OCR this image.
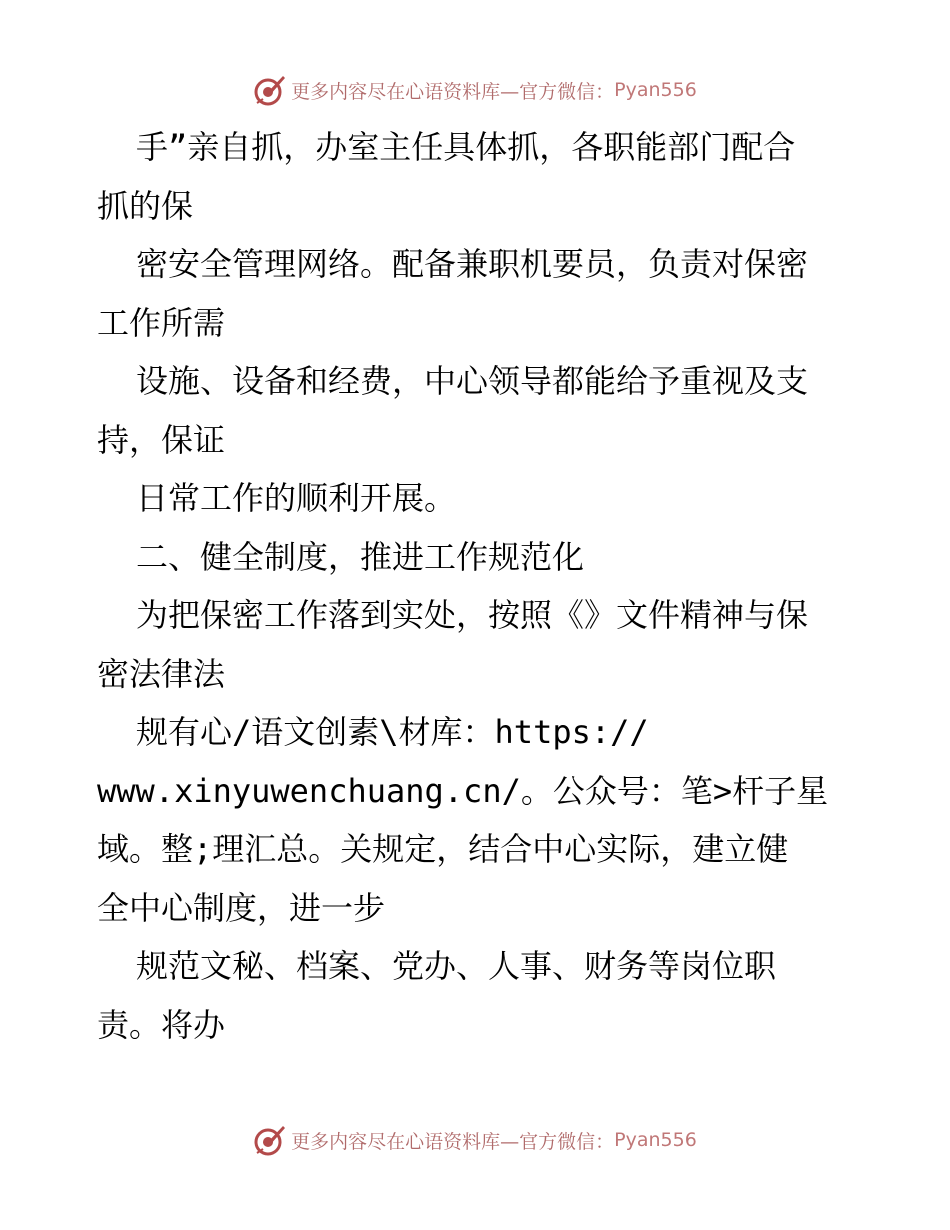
更多内容尽在心语资料库—官方微信： Pyan556
手”亲自抓，办室主任具体抓，各职能部门配合
抓的保
密安全管理网络。配备兼职机要员，负责对保密
工作所需
设施、设备和经费，中心领导都能给予重视及支
持，保证
日常工作的顺利开展。
二、健全制度，推进工作规范化
为把保密工作落到实处，按照《》文件精神与保
密法律法
规有心/语文创素\材库：https://
www.xinyuwenchuang.cn/。公众号：笔>杆子星
域。整;理汇总。关规定，结合中心实际，建立健
全中心制度，进一步
规范文秘、档案、党办、人事、财务等岗位职
责。将办
更多内容尽在心语资料库—官方微信： Pyan556
